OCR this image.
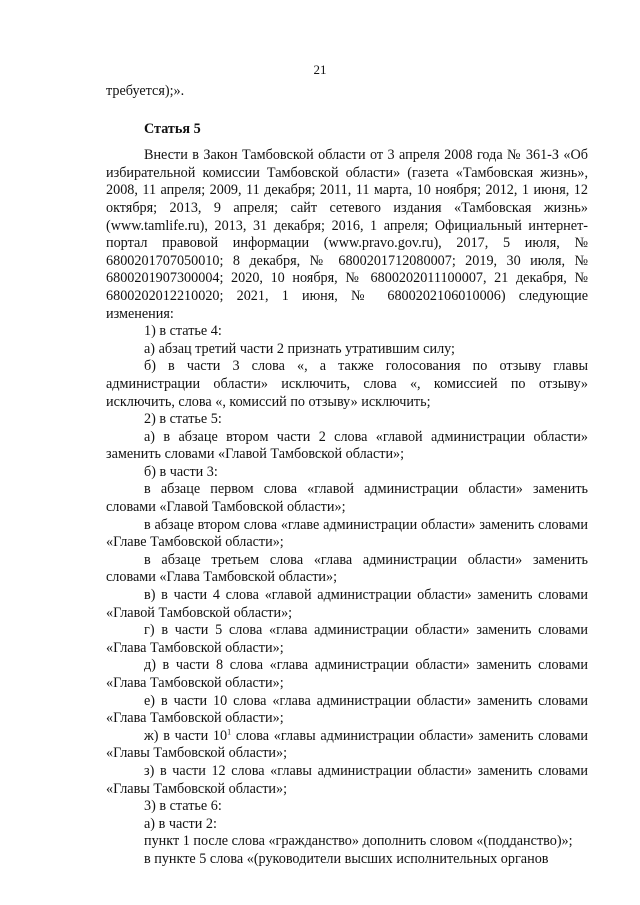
21

требуется);».

Статья 5

Внести в Закон Тамбовской области от 3 апреля 2008 года № 361-З «Об избирательной комиссии Тамбовской области» (газета «Тамбовская жизнь», 2008, 11 апреля; 2009, 11 декабря; 2011, 11 марта, 10 ноября; 2012, 1 июня, 12 октября; 2013, 9 апреля; сайт сетевого издания «Тамбовская жизнь» (www.tamlife.ru), 2013, 31 декабря; 2016, 1 апреля; Официальный интернет-портал правовой информации (www.pravo.gov.ru), 2017, 5 июля, № 6800201707050010; 8 декабря, № 6800201712080007; 2019, 30 июля, № 6800201907300004; 2020, 10 ноября, № 6800202011100007, 21 декабря, № 6800202012210020; 2021, 1 июня, № 6800202106010006) следующие изменения:

1) в статье 4:

а) абзац третий части 2 признать утратившим силу;

б) в части 3 слова «, а также голосования по отзыву главы администрации области» исключить, слова «, комиссией по отзыву» исключить, слова «, комиссий по отзыву» исключить;

2) в статье 5:

а) в абзаце втором части 2 слова «главой администрации области» заменить словами «Главой Тамбовской области»;

б) в части 3:

в абзаце первом слова «главой администрации области» заменить словами «Главой Тамбовской области»;

в абзаце втором слова «главе администрации области» заменить словами «Главе Тамбовской области»;

в абзаце третьем слова «глава администрации области» заменить словами «Глава Тамбовской области»;

в) в части 4 слова «главой администрации области» заменить словами «Главой Тамбовской области»;

г) в части 5 слова «глава администрации области» заменить словами «Глава Тамбовской области»;

д) в части 8 слова «глава администрации области» заменить словами «Глава Тамбовской области»;

е) в части 10 слова «глава администрации области» заменить словами «Глава Тамбовской области»;

ж) в части $10^1$ слова «главы администрации области» заменить словами «Главы Тамбовской области»;

з) в части 12 слова «главы администрации области» заменить словами «Главы Тамбовской области»;

3) в статье 6:

а) в части 2:

пункт 1 после слова «гражданство» дополнить словом «(подданство)»;

в пункте 5 слова «(руководители высших исполнительных органов
